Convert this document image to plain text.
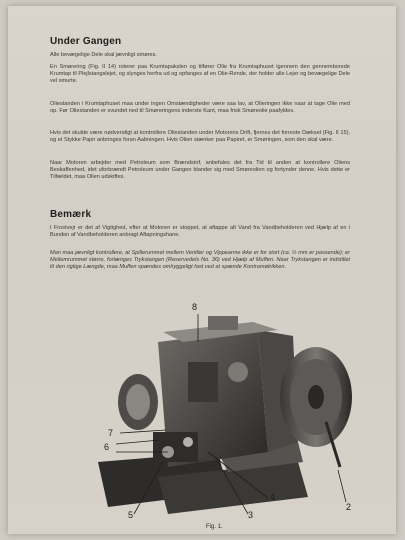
Under Gangen

Alle bevægelige Dele skal jævnligt smøres.

En Smørering (Fig. II 14) roterer paa Krumtapakslen og tilfører Olie fra Krumtaphuset igennem den gennemborede Krumtap til Plejlstangslejet, og slynges herfra ud og opfanges af en Olie-Rende, der holder alle Lejer og bevægelige Dele vel smurte.

Oliestanden i Krumtaphuset maa under ingen Omstændigheder være saa lav, at Olieringen ikke naar at tage Olie med op. Før Oliestanden er svundet ned til Smøreringens inderste Kant, maa frisk Smøreolie paafyldes.

Hvis det skulde være nødvendigt at kontrollere Oliestanden under Motorens Drift, fjernes det forreste Dæksel (Fig. II 15), og et Stykke Papir anbringes foran Aabningen. Hvis Olien stænker paa Papiret, er Smøringen, som den skal være.

Naar Motoren arbejder med Petroleum som Brændstof, anbefales det fra Tid til anden at kontrollere Oliens Beskaffenhed, idet uforbrændt Petroleum under Gangen blander sig med Smøreolien og fortynder denne. Hvis dette er Tilfældet, maa Olien udskiftes.

Bemærk

I Frostvejr er det af Vigtighed, efter at Motoren er stoppet, at aftappe alt Vand fra Vandbeholderen ved Hjælp af en i Bunden af Vandbeholderen anbragt Aftapningshane.

Man maa jævnligt kontrollere, at Spillerummet mellem Ventiler og Vippearme ikke er for stort (ca. ½ mm er passende); er Mellemrummet større, forlænges Trykstangen (Reservedels No. 36) ved Hjælp af Muffen. Naar Trykstangen er indstillet til den rigtige Længde, maa Muffen spændes omhyggeligt fast ved at spænde Kontramøtrikken.

8
7
6
5
4
3
2
Fig. 1.
